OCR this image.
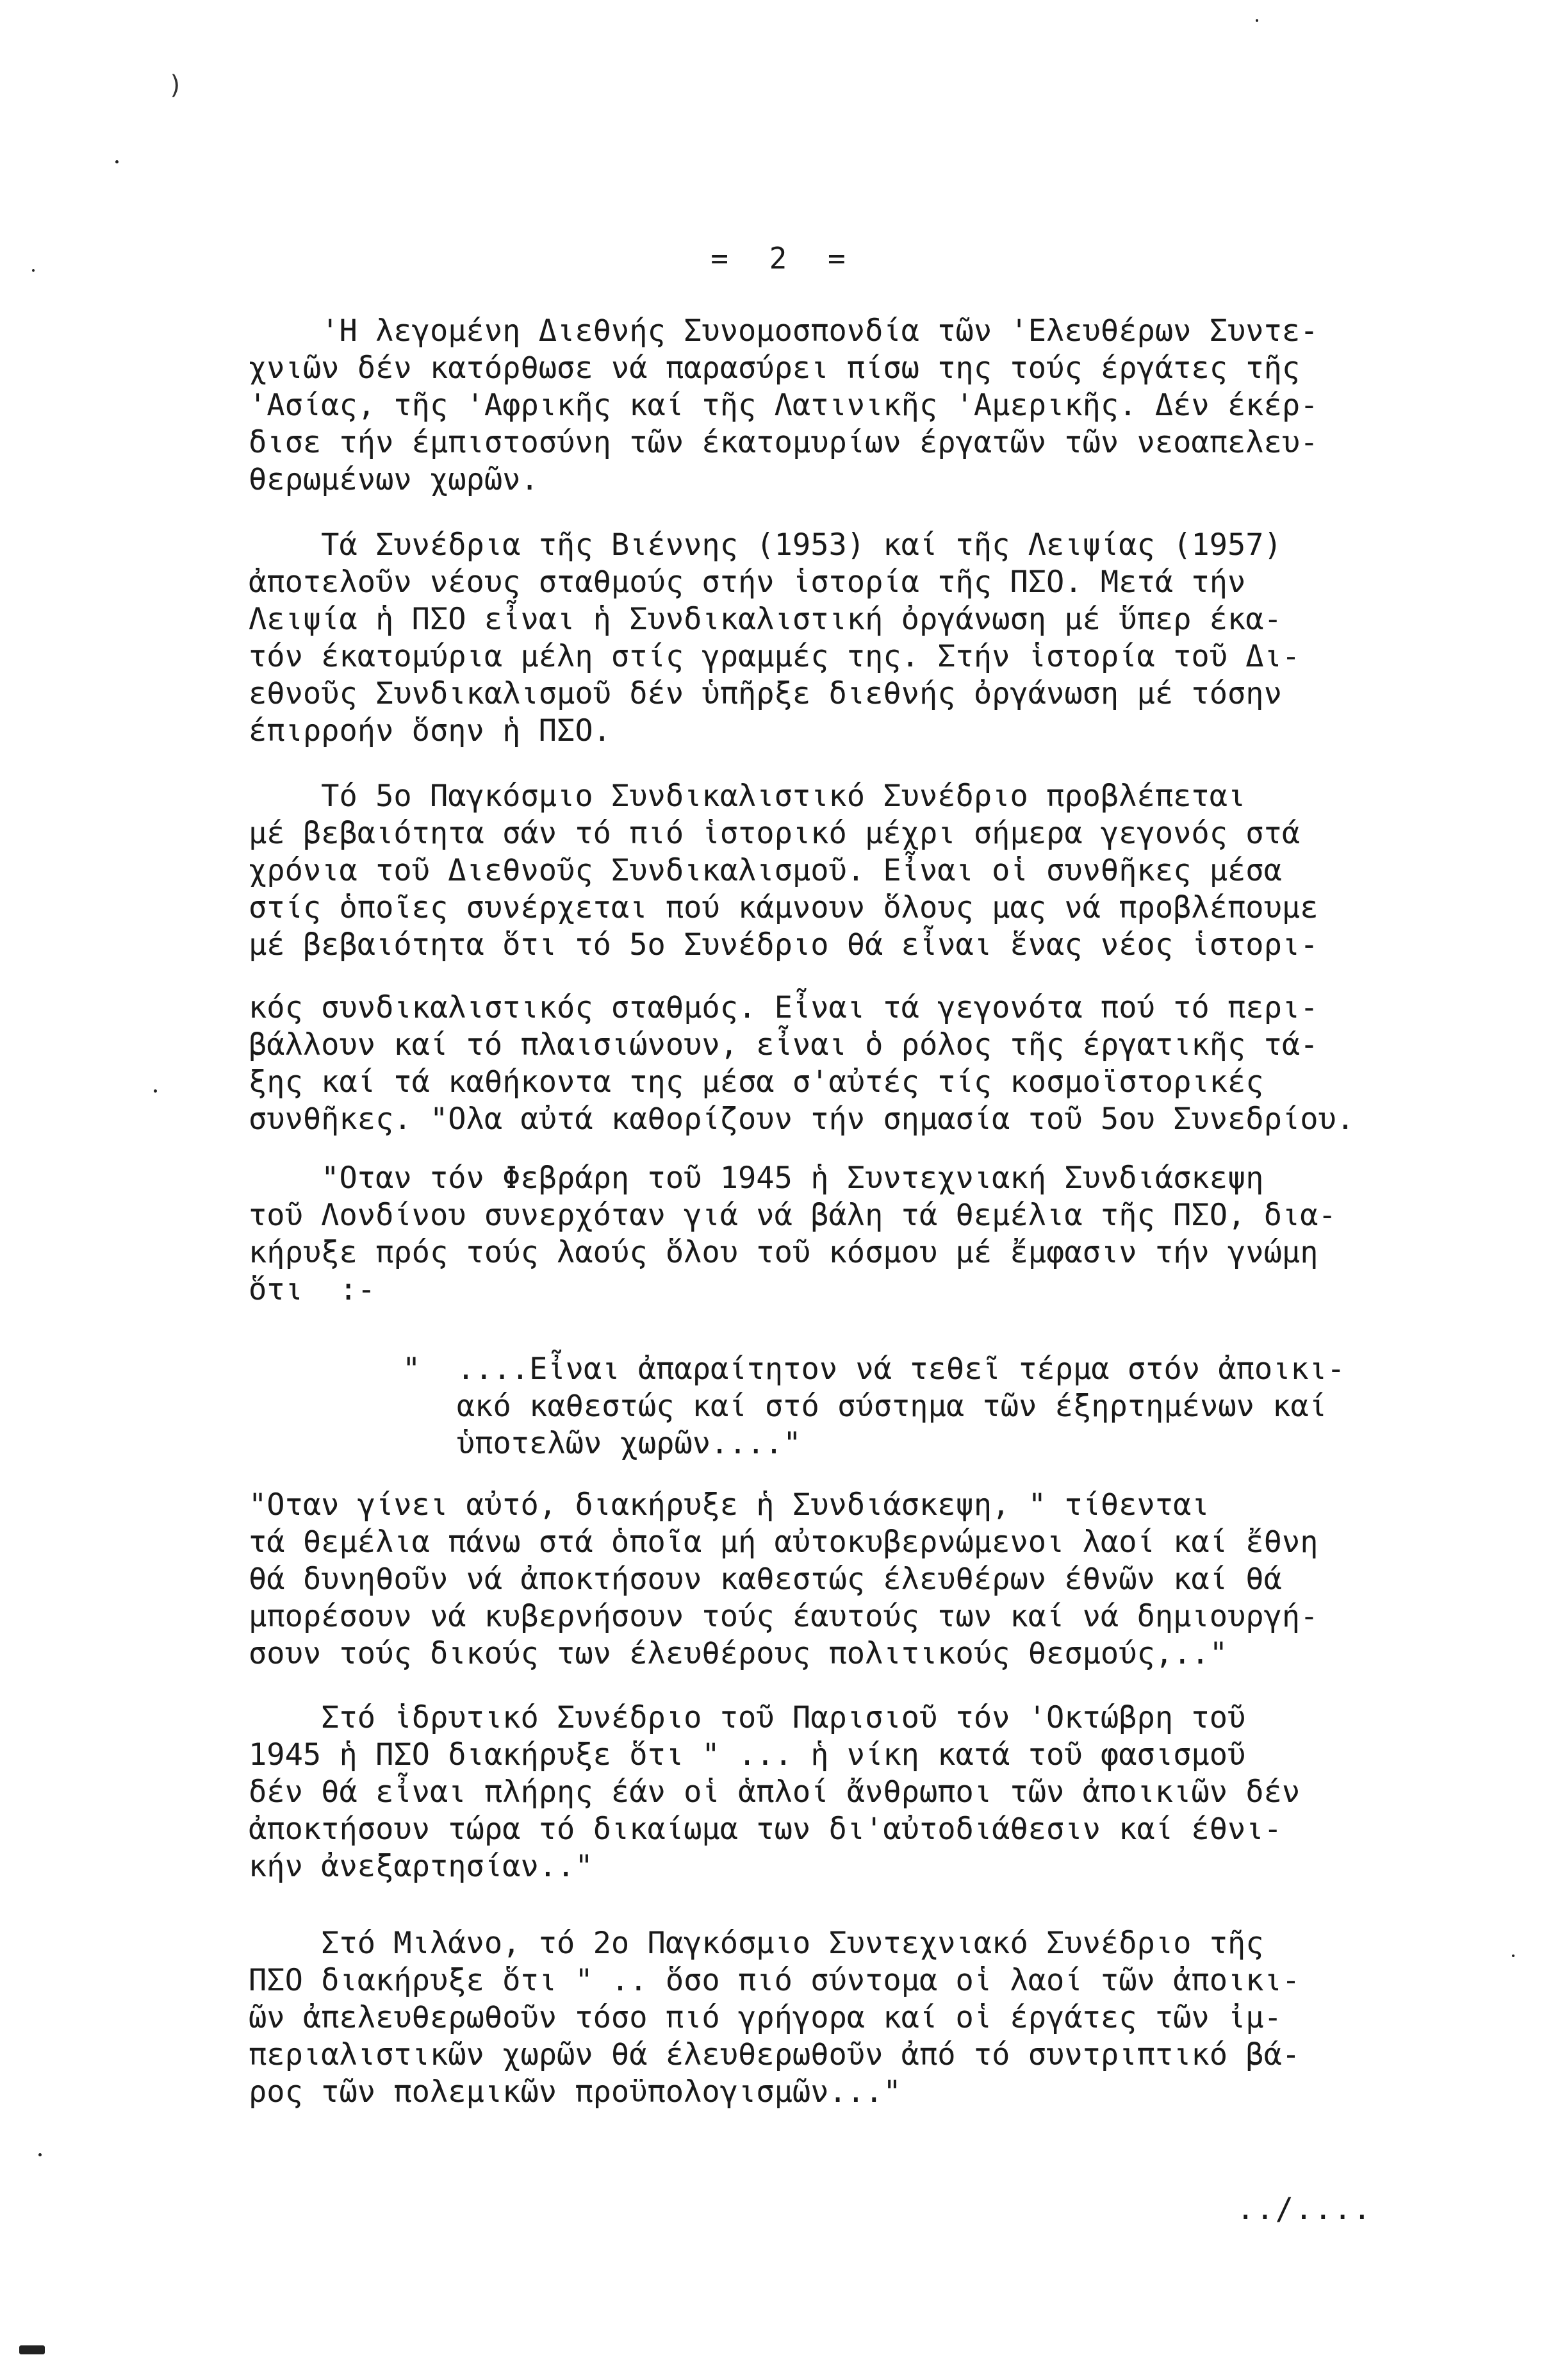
= 2 =
'Η λεγομένη Διεθνής Συνομοσπονδία τῶν 'Ελευθέρων Συντε-
χνιῶν δέν κατόρθωσε νά παρασύρει πίσω της τούς έργάτες τῆς
'Ασίας, τῆς 'Αφρικῆς καί τῆς Λατινικῆς 'Αμερικῆς. Δέν έκέρ-
δισε τήν έμπιστοσύνη τῶν έκατομυρίων έργατῶν τῶν νεοαπελευ-
θερωμένων χωρῶν.
Τά Συνέδρια τῆς Βιέννης (1953) καί τῆς Λειψίας (1957)
ἀποτελοῦν νέους σταθμούς στήν ἱστορία τῆς ΠΣΟ. Μετά τήν
Λειψία ἡ ΠΣΟ εἶναι ἡ Συνδικαλιστική ὀργάνωση μέ ὕπερ έκα-
τόν έκατομύρια μέλη στίς γραμμές της. Στήν ἱστορία τοῦ Δι-
εθνοῦς Συνδικαλισμοῦ δέν ὑπῆρξε διεθνής ὀργάνωση μέ τόσην
έπιρροήν ὅσην ἡ ΠΣΟ.
Τό 5ο Παγκόσμιο Συνδικαλιστικό Συνέδριο προβλέπεται
μέ βεβαιότητα σάν τό πιό ἱστορικό μέχρι σήμερα γεγονός στά
χρόνια τοῦ Διεθνοῦς Συνδικαλισμοῦ. Εἶναι οἱ συνθῆκες μέσα
στίς ὁποῖες συνέρχεται πού κάμνουν ὅλους μας νά προβλέπουμε
μέ βεβαιότητα ὅτι τό 5ο Συνέδριο θά εἶναι ἕνας νέος ἱστορι-
κός συνδικαλιστικός σταθμός. Εἶναι τά γεγονότα πού τό περι-
βάλλουν καί τό πλαισιώνουν, εἶναι ὁ ρόλος τῆς έργατικῆς τά-
ξης καί τά καθήκοντα της μέσα σ'αὐτές τίς κοσμοϊστορικές
συνθῆκες. "Ολα αὐτά καθορίζουν τήν σημασία τοῦ 5ου Συνεδρίου.
"Οταν τόν Φεβράρη τοῦ 1945 ἡ Συντεχνιακή Συνδιάσκεψη
τοῦ Λονδίνου συνερχόταν γιά νά βάλη τά θεμέλια τῆς ΠΣΟ, δια-
κήρυξε πρός τούς λαούς ὅλου τοῦ κόσμου μέ ἔμφασιν τήν γνώμη
ὅτι  :-
"  ....Εἶναι ἀπαραίτητον νά τεθεῖ τέρμα στόν ἀποικι-
ακό καθεστώς καί στό σύστημα τῶν έξηρτημένων καί
ὑποτελῶν χωρῶν...."
"Οταν γίνει αὐτό, διακήρυξε ἡ Συνδιάσκεψη, " τίθενται
τά θεμέλια πάνω στά ὁποῖα μή αὐτοκυβερνώμενοι λαοί καί ἔθνη
θά δυνηθοῦν νά ἀποκτήσουν καθεστώς έλευθέρων έθνῶν καί θά
μπορέσουν νά κυβερνήσουν τούς έαυτούς των καί νά δημιουργή-
σουν τούς δικούς των έλευθέρους πολιτικούς θεσμούς,.."
Στό ἱδρυτικό Συνέδριο τοῦ Παρισιοῦ τόν 'Οκτώβρη τοῦ
1945 ἡ ΠΣΟ διακήρυξε ὅτι " ... ἡ νίκη κατά τοῦ φασισμοῦ
δέν θά εἶναι πλήρης έάν οἱ ἁπλοί ἄνθρωποι τῶν ἀποικιῶν δέν
ἀποκτήσουν τώρα τό δικαίωμα των δι'αὐτοδιάθεσιν καί έθνι-
κήν ἀνεξαρτησίαν.."
Στό Μιλάνο, τό 2ο Παγκόσμιο Συντεχνιακό Συνέδριο τῆς
ΠΣΟ διακήρυξε ὅτι " .. ὅσο πιό σύντομα οἱ λαοί τῶν ἀποικι-
ῶν ἀπελευθερωθοῦν τόσο πιό γρήγορα καί οἱ έργάτες τῶν ἰμ-
περιαλιστικῶν χωρῶν θά έλευθερωθοῦν ἀπό τό συντριπτικό βά-
ρος τῶν πολεμικῶν προϋπολογισμῶν..."
../....
)
